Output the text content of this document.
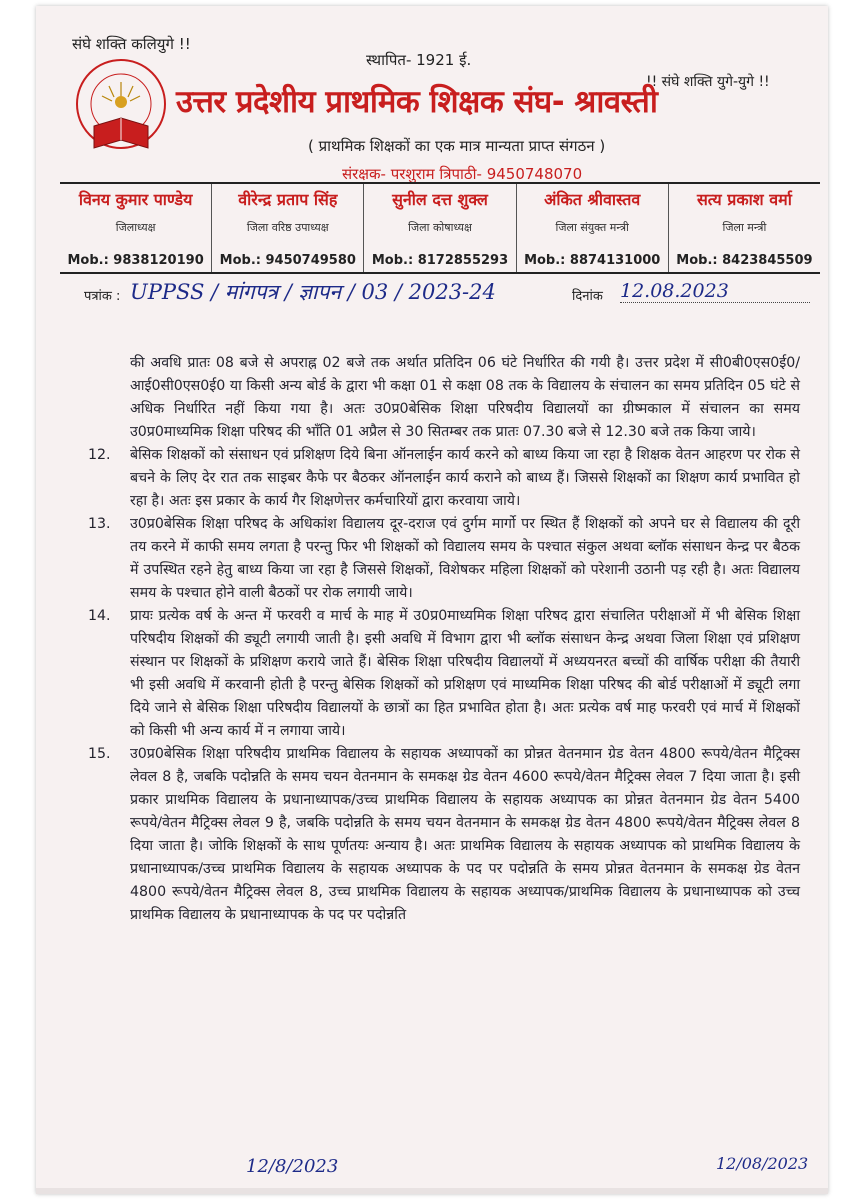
संघे शक्ति कलियुगे !!
स्थापित- 1921 ई.
!! संघे शक्ति युगे-युगे !!
उत्तर प्रदेशीय प्राथमिक शिक्षक संघ- श्रावस्ती
( प्राथमिक शिक्षकों का एक मात्र मान्यता प्राप्त संगठन )
संरक्षक- परशुराम त्रिपाठी- 9450748070
विनय कुमार पाण्डेय
जिलाध्यक्ष
Mob.: 9838120190
वीरेन्द्र प्रताप सिंह
जिला वरिष्ठ उपाध्यक्ष
Mob.: 9450749580
सुनील दत्त शुक्ल
जिला कोषाध्यक्ष
Mob.: 8172855293
अंकित श्रीवास्तव
जिला संयुक्त मन्त्री
Mob.: 8874131000
सत्य प्रकाश वर्मा
जिला मन्त्री
Mob.: 8423845509
पत्रांक : UPPSS / मांगपत्र / ज्ञापन / 03 / 2023-24	दिनांक 12.08.2023
की अवधि प्रातः 08 बजे से अपराह्न 02 बजे तक अर्थात प्रतिदिन 06 घंटे निर्धारित की गयी है। उत्तर प्रदेश में सी0बी0एस0ई0/आई0सी0एस0ई0 या किसी अन्य बोर्ड के द्वारा भी कक्षा 01 से कक्षा 08 तक के विद्यालय के संचालन का समय प्रतिदिन 05 घंटे से अधिक निर्धारित नहीं किया गया है। अतः उ0प्र0बेसिक शिक्षा परिषदीय विद्यालयों का ग्रीष्मकाल में संचालन का समय उ0प्र0माध्यमिक शिक्षा परिषद की भाँति 01 अप्रैल से 30 सितम्बर तक प्रातः 07.30 बजे से 12.30 बजे तक किया जाये।
12. बेसिक शिक्षकों को संसाधन एवं प्रशिक्षण दिये बिना ऑनलाईन कार्य करने को बाध्य किया जा रहा है शिक्षक वेतन आहरण पर रोक से बचने के लिए देर रात तक साइबर कैफे पर बैठकर ऑनलाईन कार्य कराने को बाध्य हैं। जिससे शिक्षकों का शिक्षण कार्य प्रभावित हो रहा है। अतः इस प्रकार के कार्य गैर शिक्षणेत्तर कर्मचारियों द्वारा करवाया जाये।
13. उ0प्र0बेसिक शिक्षा परिषद के अधिकांश विद्यालय दूर-दराज एवं दुर्गम मार्गो पर स्थित हैं शिक्षकों को अपने घर से विद्यालय की दूरी तय करने में काफी समय लगता है परन्तु फिर भी शिक्षकों को विद्यालय समय के पश्चात संकुल अथवा ब्लॉक संसाधन केन्द्र पर बैठक में उपस्थित रहने हेतु बाध्य किया जा रहा है जिससे शिक्षकों, विशेषकर महिला शिक्षकों को परेशानी उठानी पड़ रही है। अतः विद्यालय समय के पश्चात होने वाली बैठकों पर रोक लगायी जाये।
14. प्रायः प्रत्येक वर्ष के अन्त में फरवरी व मार्च के माह में उ0प्र0माध्यमिक शिक्षा परिषद द्वारा संचालित परीक्षाओं में भी बेसिक शिक्षा परिषदीय शिक्षकों की ड्यूटी लगायी जाती है। इसी अवधि में विभाग द्वारा भी ब्लॉक संसाधन केन्द्र अथवा जिला शिक्षा एवं प्रशिक्षण संस्थान पर शिक्षकों के प्रशिक्षण कराये जाते हैं। बेसिक शिक्षा परिषदीय विद्यालयों में अध्ययनरत बच्चों की वार्षिक परीक्षा की तैयारी भी इसी अवधि में करवानी होती है परन्तु बेसिक शिक्षकों को प्रशिक्षण एवं माध्यमिक शिक्षा परिषद की बोर्ड परीक्षाओं में ड्यूटी लगा दिये जाने से बेसिक शिक्षा परिषदीय विद्यालयों के छात्रों का हित प्रभावित होता है। अतः प्रत्येक वर्ष माह फरवरी एवं मार्च में शिक्षकों को किसी भी अन्य कार्य में न लगाया जाये।
15. उ0प्र0बेसिक शिक्षा परिषदीय प्राथमिक विद्यालय के सहायक अध्यापकों का प्रोन्नत वेतनमान ग्रेड वेतन 4800 रूपये/वेतन मैट्रिक्स लेवल 8 है, जबकि पदोन्नति के समय चयन वेतनमान के समकक्ष ग्रेड वेतन 4600 रूपये/वेतन मैट्रिक्स लेवल 7 दिया जाता है। इसी प्रकार प्राथमिक विद्यालय के प्रधानाध्यापक/उच्च प्राथमिक विद्यालय के सहायक अध्यापक का प्रोन्नत वेतनमान ग्रेड वेतन 5400 रूपये/वेतन मैट्रिक्स लेवल 9 है, जबकि पदोन्नति के समय चयन वेतनमान के समकक्ष ग्रेड वेतन 4800 रूपये/वेतन मैट्रिक्स लेवल 8 दिया जाता है। जोकि शिक्षकों के साथ पूर्णतयः अन्याय है। अतः प्राथमिक विद्यालय के सहायक अध्यापक को प्राथमिक विद्यालय के प्रधानाध्यापक/उच्च प्राथमिक विद्यालय के सहायक अध्यापक के पद पर पदोन्नति के समय प्रोन्नत वेतनमान के समकक्ष ग्रेड वेतन 4800 रूपये/वेतन मैट्रिक्स लेवल 8, उच्च प्राथमिक विद्यालय के सहायक अध्यापक/प्राथमिक विद्यालय के प्रधानाध्यापक को उच्च प्राथमिक विद्यालय के प्रधानाध्यापक के पद पर पदोन्नति
12/8/2023	12/08/2023
